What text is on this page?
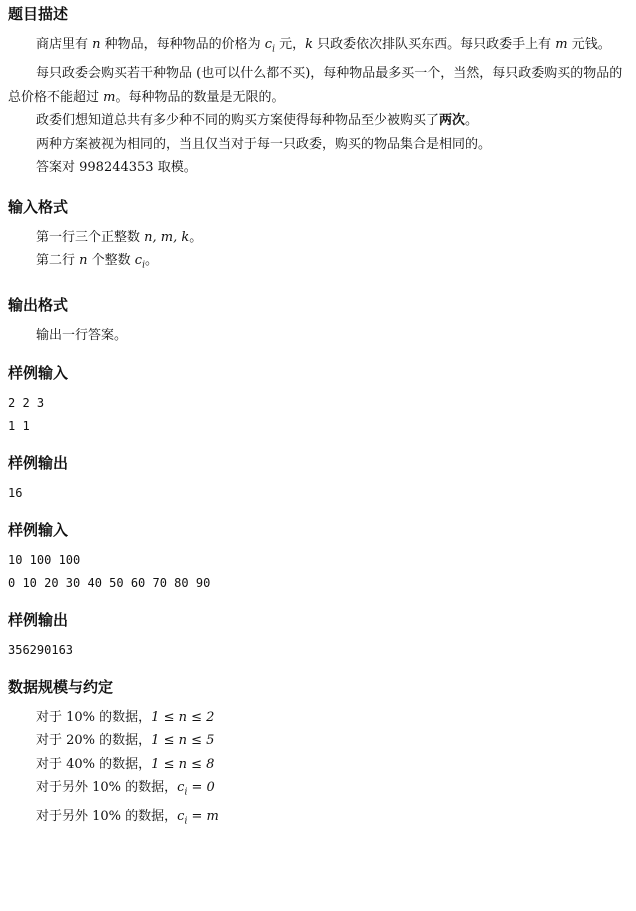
题目描述

商店里有 n 种物品，每种物品的价格为 $c_i$ 元，k 只政委依次排队买东西。每只政委手上有 m 元钱。

每只政委会购买若干种物品 (也可以什么都不买)，每种物品最多买一个，当然，每只政委购买的物品的总价格不能超过 m。每种物品的数量是无限的。

政委们想知道总共有多少种不同的购买方案使得每种物品至少被购买了两次。

两种方案被视为相同的，当且仅当对于每一只政委，购买的物品集合是相同的。

答案对 998244353 取模。

输入格式

第一行三个正整数 n, m, k。

第二行 n 个整数 $c_i$。

输出格式

输出一行答案。

样例输入

2 2 3

1 1

样例输出

16

样例输入

10 100 100

0 10 20 30 40 50 60 70 80 90

样例输出

356290163

数据规模与约定

对于 10% 的数据，1 ≤ n ≤ 2

对于 20% 的数据，1 ≤ n ≤ 5

对于 40% 的数据，1 ≤ n ≤ 8

对于另外 10% 的数据，$c_i = 0$

对于另外 10% 的数据，$c_i = m$
